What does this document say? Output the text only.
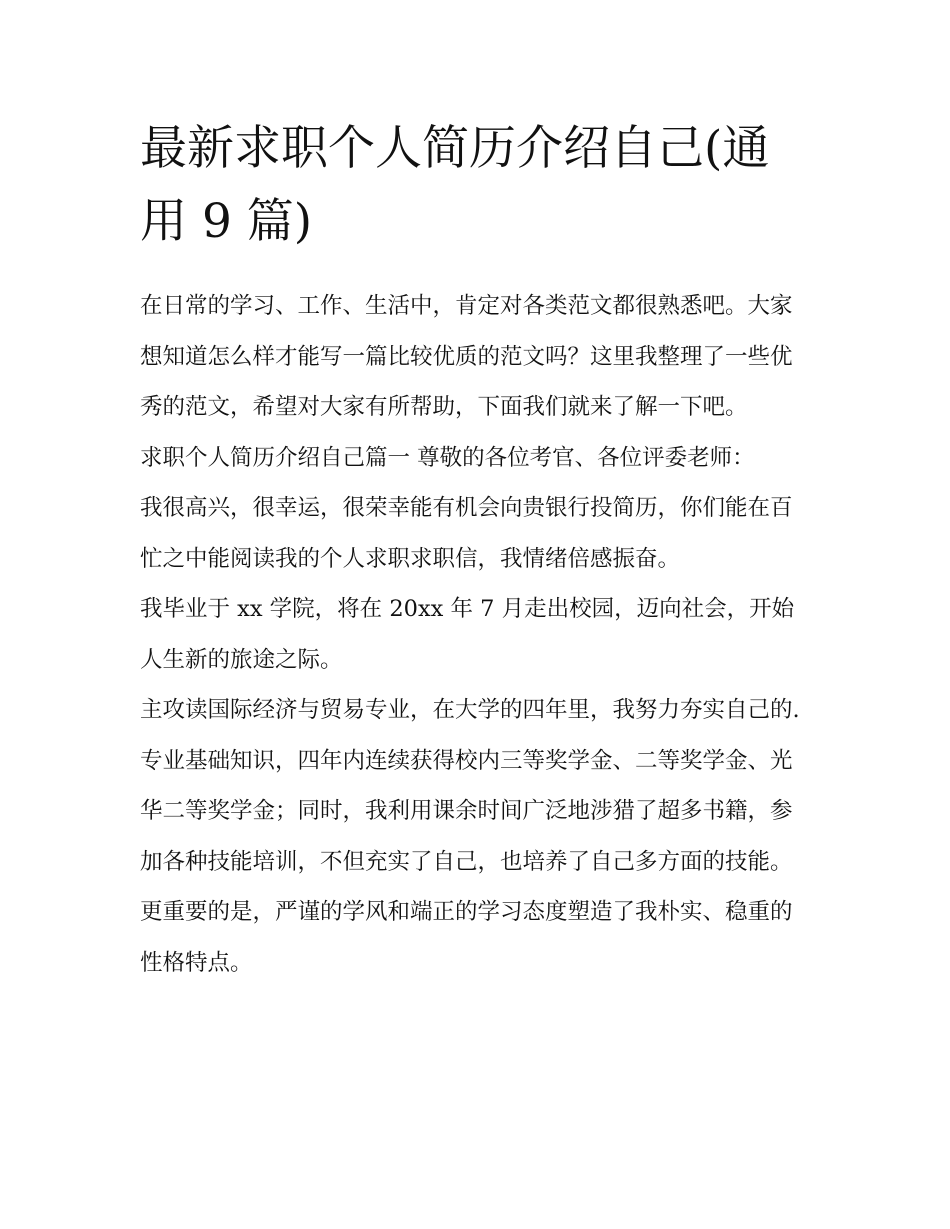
最新求职个人简历介绍自己(通
用 9 篇)

在日常的学习、工作、生活中，肯定对各类范文都很熟悉吧。大家想知道怎么样才能写一篇比较优质的范文吗？这里我整理了一些优秀的范文，希望对大家有所帮助，下面我们就来了解一下吧。

求职个人简历介绍自己篇一 尊敬的各位考官、各位评委老师：

我很高兴，很幸运，很荣幸能有机会向贵银行投简历，你们能在百忙之中能阅读我的个人求职求职信，我情绪倍感振奋。

我毕业于 xx 学院，将在 20xx 年 7 月走出校园，迈向社会，开始人生新的旅途之际。

主攻读国际经济与贸易专业，在大学的四年里，我努力夯实自己的.专业基础知识，四年内连续获得校内三等奖学金、二等奖学金、光华二等奖学金；同时，我利用课余时间广泛地涉猎了超多书籍，参加各种技能培训，不但充实了自己，也培养了自己多方面的技能。更重要的是，严谨的学风和端正的学习态度塑造了我朴实、稳重的性格特点。
